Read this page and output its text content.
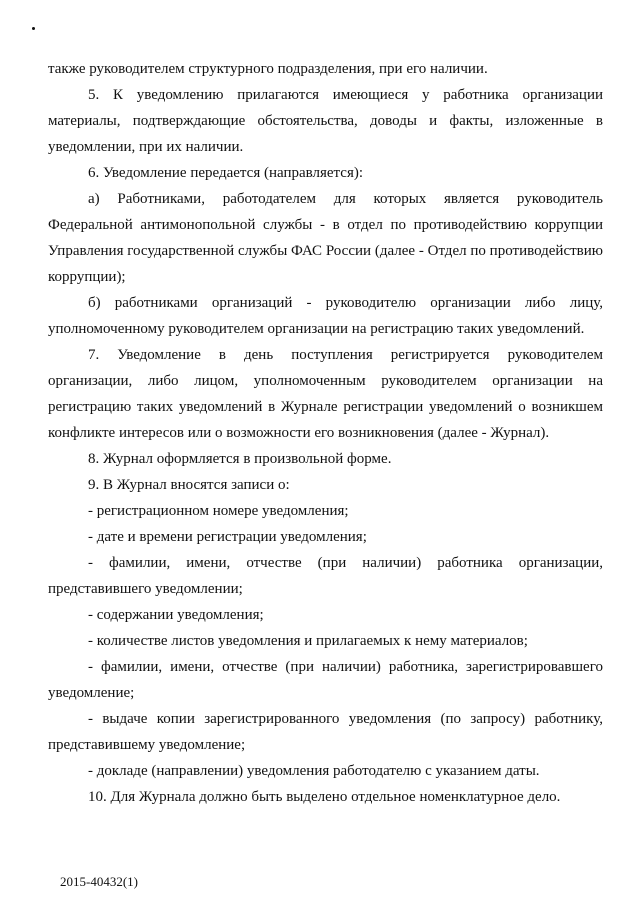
также руководителем структурного подразделения, при его наличии.

5. К уведомлению прилагаются имеющиеся у работника организации материалы, подтверждающие обстоятельства, доводы и факты, изложенные в уведомлении, при их наличии.

6. Уведомление передается (направляется):

а) Работниками, работодателем для которых является руководитель Федеральной антимонопольной службы - в отдел по противодействию коррупции Управления государственной службы ФАС России (далее - Отдел по противодействию коррупции);

б) работниками организаций - руководителю организации либо лицу, уполномоченному руководителем организации на регистрацию таких уведомлений.

7. Уведомление в день поступления регистрируется руководителем организации, либо лицом, уполномоченным руководителем организации на регистрацию таких уведомлений в Журнале регистрации уведомлений о возникшем конфликте интересов или о возможности его возникновения (далее - Журнал).

8. Журнал оформляется в произвольной форме.

9. В Журнал вносятся записи о:

- регистрационном номере уведомления;

- дате и времени регистрации уведомления;

- фамилии, имени, отчестве (при наличии) работника организации, представившего уведомлении;

- содержании уведомления;

- количестве листов уведомления и прилагаемых к нему материалов;

- фамилии, имени, отчестве (при наличии) работника, зарегистрировавшего уведомление;

- выдаче копии зарегистрированного уведомления (по запросу) работнику, представившему уведомление;

- докладе (направлении) уведомления работодателю с указанием даты.

10. Для Журнала должно быть выделено отдельное номенклатурное дело.

2015-40432(1)
